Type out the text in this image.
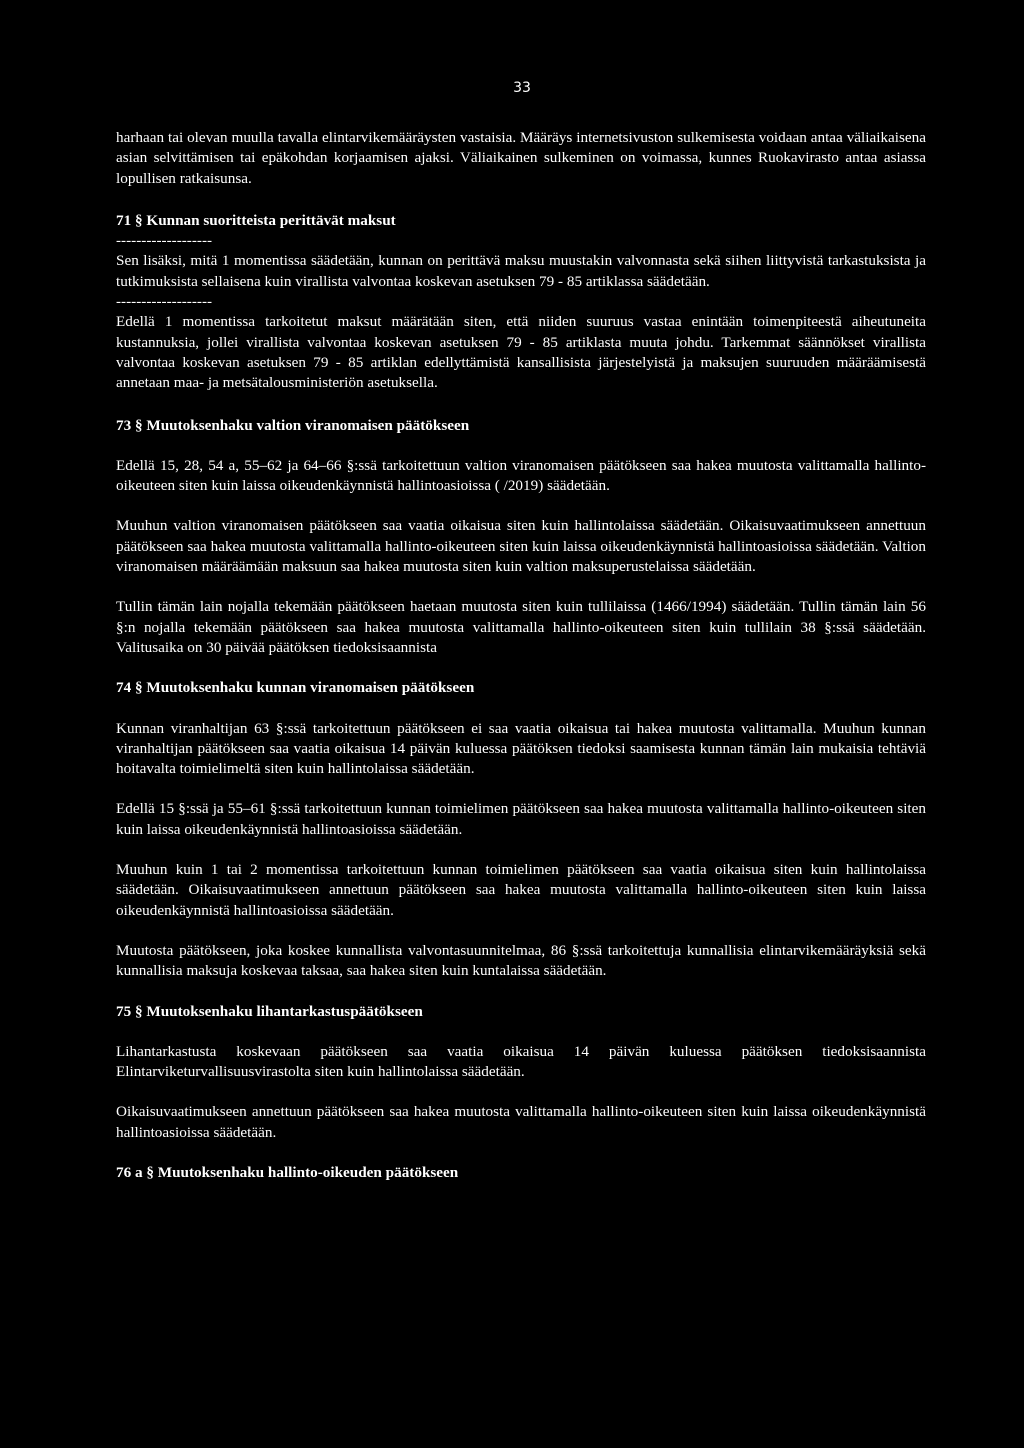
33

harhaan tai olevan muulla tavalla elintarvikemääräysten vastaisia. Määräys internetsivuston sulkemisesta voidaan antaa väliaikaisena asian selvittämisen tai epäkohdan korjaamisen ajaksi. Väliaikainen sulkeminen on voimassa, kunnes Ruokavirasto antaa asiassa lopullisen ratkaisunsa.

71 § Kunnan suoritteista perittävät maksut
-------------------

Sen lisäksi, mitä 1 momentissa säädetään, kunnan on perittävä maksu muustakin valvonnasta sekä siihen liittyvistä tarkastuksista ja tutkimuksista sellaisena kuin virallista valvontaa koskevan asetuksen 79 - 85 artiklassa säädetään.

-------------------

Edellä 1 momentissa tarkoitetut maksut määrätään siten, että niiden suuruus vastaa enintään toimenpiteestä aiheutuneita kustannuksia, jollei virallista valvontaa koskevan asetuksen 79 - 85 artiklasta muuta johdu. Tarkemmat säännökset virallista valvontaa koskevan asetuksen 79 - 85 artiklan edellyttämistä kansallisista järjestelyistä ja maksujen suuruuden määräämisestä annetaan maa- ja metsätalousministeriön asetuksella.

73 § Muutoksenhaku valtion viranomaisen päätökseen

Edellä 15, 28, 54 a, 55–62 ja 64–66 §:ssä tarkoitettuun valtion viranomaisen päätökseen saa hakea muutosta valittamalla hallinto-oikeuteen siten kuin laissa oikeudenkäynnistä hallintoasioissa ( /2019) säädetään.

Muuhun valtion viranomaisen päätökseen saa vaatia oikaisua siten kuin hallintolaissa säädetään. Oikaisuvaatimukseen annettuun päätökseen saa hakea muutosta valittamalla hallinto-oikeuteen siten kuin laissa oikeudenkäynnistä hallintoasioissa säädetään. Valtion viranomaisen määräämään maksuun saa hakea muutosta siten kuin valtion maksuperustelaissa säädetään.

Tullin tämän lain nojalla tekemään päätökseen haetaan muutosta siten kuin tullilaissa (1466/1994) säädetään. Tullin tämän lain 56 §:n nojalla tekemään päätökseen saa hakea muutosta valittamalla hallinto-oikeuteen siten kuin tullilain 38 §:ssä säädetään. Valitusaika on 30 päivää päätöksen tiedoksisaannista

74 § Muutoksenhaku kunnan viranomaisen päätökseen

Kunnan viranhaltijan 63 §:ssä tarkoitettuun päätökseen ei saa vaatia oikaisua tai hakea muutosta valittamalla. Muuhun kunnan viranhaltijan päätökseen saa vaatia oikaisua 14 päivän kuluessa päätöksen tiedoksi saamisesta kunnan tämän lain mukaisia tehtäviä hoitavalta toimielimeltä siten kuin hallintolaissa säädetään.

Edellä 15 §:ssä ja 55–61 §:ssä tarkoitettuun kunnan toimielimen päätökseen saa hakea muutosta valittamalla hallinto-oikeuteen siten kuin laissa oikeudenkäynnistä hallintoasioissa säädetään.

Muuhun kuin 1 tai 2 momentissa tarkoitettuun kunnan toimielimen päätökseen saa vaatia oikaisua siten kuin hallintolaissa säädetään. Oikaisuvaatimukseen annettuun päätökseen saa hakea muutosta valittamalla hallinto-oikeuteen siten kuin laissa oikeudenkäynnistä hallintoasioissa säädetään.

Muutosta päätökseen, joka koskee kunnallista valvontasuunnitelmaa, 86 §:ssä tarkoitettuja kunnallisia elintarvikemääräyksiä sekä kunnallisia maksuja koskevaa taksaa, saa hakea siten kuin kuntalaissa säädetään.

75 § Muutoksenhaku lihantarkastuspäätökseen

Lihantarkastusta koskevaan päätökseen saa vaatia oikaisua 14 päivän kuluessa päätöksen tiedoksisaannista Elintarviketurvallisuusvirastolta siten kuin hallintolaissa säädetään.

Oikaisuvaatimukseen annettuun päätökseen saa hakea muutosta valittamalla hallinto-oikeuteen siten kuin laissa oikeudenkäynnistä hallintoasioissa säädetään.

76 a § Muutoksenhaku hallinto-oikeuden päätökseen
